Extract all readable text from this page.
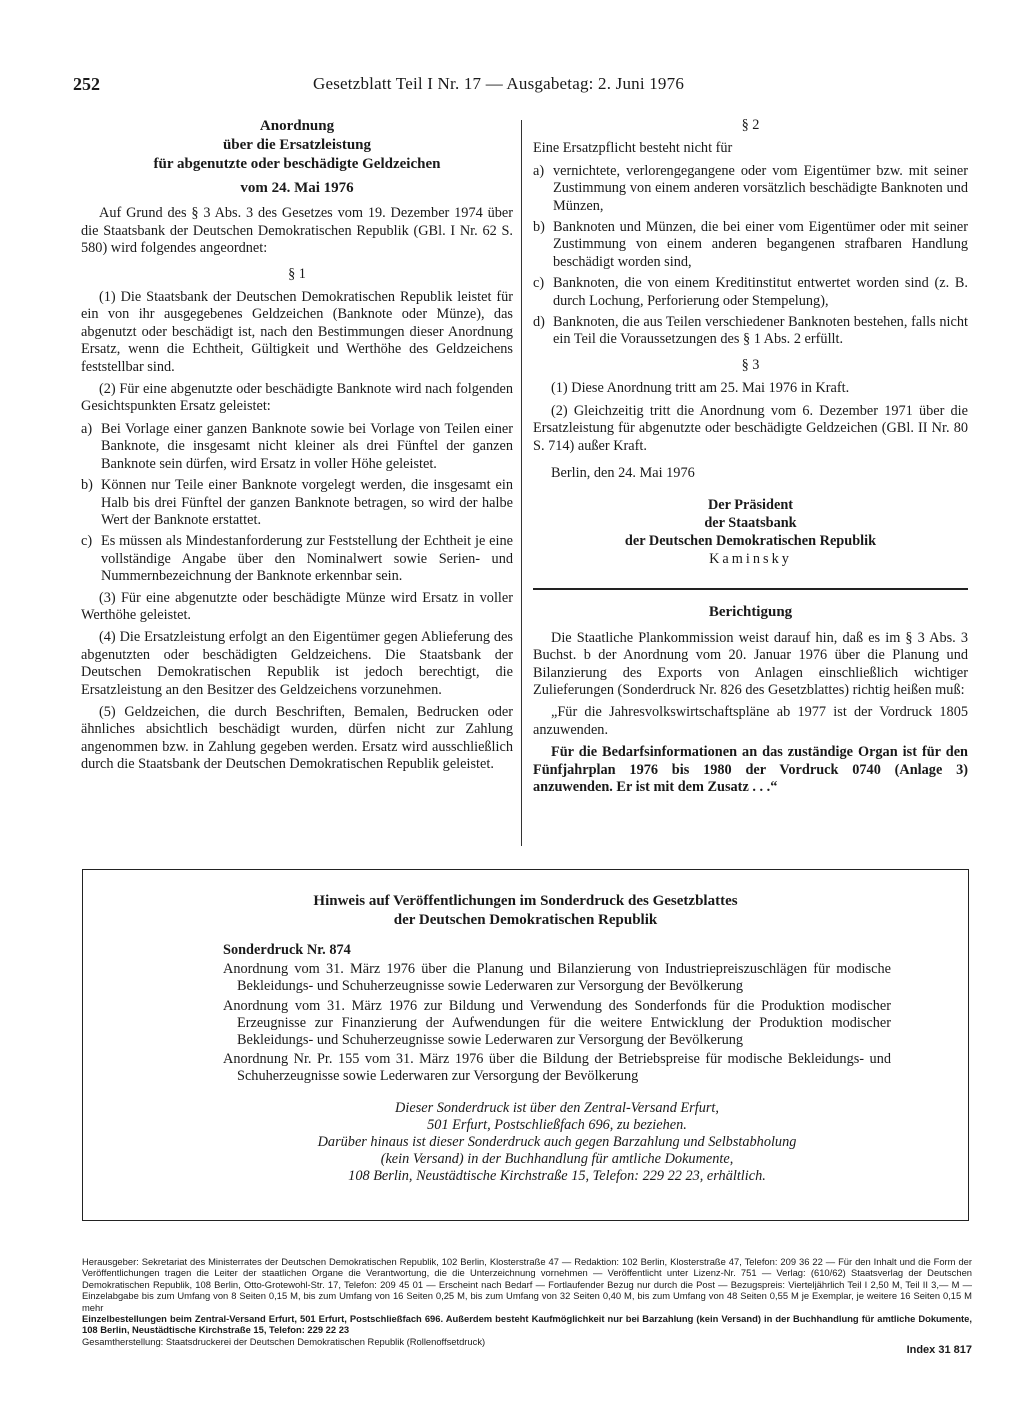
252	Gesetzblatt Teil I Nr. 17 — Ausgabetag: 2. Juni 1976
Anordnung
über die Ersatzleistung
für abgenutzte oder beschädigte Geldzeichen
vom 24. Mai 1976

Auf Grund des § 3 Abs. 3 des Gesetzes vom 19. Dezember 1974 über die Staatsbank der Deutschen Demokratischen Republik (GBl. I Nr. 62 S. 580) wird folgendes angeordnet:

§ 1

(1) Die Staatsbank der Deutschen Demokratischen Republik leistet für ein von ihr ausgegebenes Geldzeichen (Banknote oder Münze), das abgenutzt oder beschädigt ist, nach den Bestimmungen dieser Anordnung Ersatz, wenn die Echtheit, Gültigkeit und Werthöhe des Geldzeichens feststellbar sind.

(2) Für eine abgenutzte oder beschädigte Banknote wird nach folgenden Gesichtspunkten Ersatz geleistet:

a) Bei Vorlage einer ganzen Banknote sowie bei Vorlage von Teilen einer Banknote, die insgesamt nicht kleiner als drei Fünftel der ganzen Banknote sein dürfen, wird Ersatz in voller Höhe geleistet.
b) Können nur Teile einer Banknote vorgelegt werden, die insgesamt ein Halb bis drei Fünftel der ganzen Banknote betragen, so wird der halbe Wert der Banknote erstattet.
c) Es müssen als Mindestanforderung zur Feststellung der Echtheit je eine vollständige Angabe über den Nominalwert sowie Serien- und Nummernbezeichnung der Banknote erkennbar sein.

(3) Für eine abgenutzte oder beschädigte Münze wird Ersatz in voller Werthöhe geleistet.

(4) Die Ersatzleistung erfolgt an den Eigentümer gegen Ablieferung des abgenutzten oder beschädigten Geldzeichens. Die Staatsbank der Deutschen Demokratischen Republik ist jedoch berechtigt, die Ersatzleistung an den Besitzer des Geldzeichens vorzunehmen.

(5) Geldzeichen, die durch Beschriften, Bemalen, Bedrucken oder ähnliches absichtlich beschädigt wurden, dürfen nicht zur Zahlung angenommen bzw. in Zahlung gegeben werden. Ersatz wird ausschließlich durch die Staatsbank der Deutschen Demokratischen Republik geleistet.

§ 2

Eine Ersatzpflicht besteht nicht für

a) vernichtete, verlorengegangene oder vom Eigentümer bzw. mit seiner Zustimmung von einem anderen vorsätzlich beschädigte Banknoten und Münzen,
b) Banknoten und Münzen, die bei einer vom Eigentümer oder mit seiner Zustimmung von einem anderen begangenen strafbaren Handlung beschädigt worden sind,
c) Banknoten, die von einem Kreditinstitut entwertet worden sind (z. B. durch Lochung, Perforierung oder Stempelung),
d) Banknoten, die aus Teilen verschiedener Banknoten bestehen, falls nicht ein Teil die Voraussetzungen des § 1 Abs. 2 erfüllt.
§ 3

(1) Diese Anordnung tritt am 25. Mai 1976 in Kraft.

(2) Gleichzeitig tritt die Anordnung vom 6. Dezember 1971 über die Ersatzleistung für abgenutzte oder beschädigte Geldzeichen (GBl. II Nr. 80 S. 714) außer Kraft.

Berlin, den 24. Mai 1976

Der Präsident
der Staatsbank
der Deutschen Demokratischen Republik
Kaminsky
Berichtigung

Die Staatliche Plankommission weist darauf hin, daß es im § 3 Abs. 3 Buchst. b der Anordnung vom 20. Januar 1976 über die Planung und Bilanzierung des Exports von Anlagen einschließlich wichtiger Zulieferungen (Sonderdruck Nr. 826 des Gesetzblattes) richtig heißen muß:

„Für die Jahresvolkswirtschaftspläne ab 1977 ist der Vordruck 1805 anzuwenden.

Für die Bedarfsinformationen an das zuständige Organ ist für den Fünfjahrplan 1976 bis 1980 der Vordruck 0740 (Anlage 3) anzuwenden. Er ist mit dem Zusatz . . .“

Hinweis auf Veröffentlichungen im Sonderdruck des Gesetzblattes
der Deutschen Demokratischen Republik
Sonderdruck Nr. 874
Anordnung vom 31. März 1976 über die Planung und Bilanzierung von Industriepreiszuschlägen für modische Bekleidungs- und Schuherzeugnisse sowie Lederwaren zur Versorgung der Bevölkerung
Anordnung vom 31. März 1976 zur Bildung und Verwendung des Sonderfonds für die Produktion modischer Erzeugnisse zur Finanzierung der Aufwendungen für die weitere Entwicklung der Produktion modischer Bekleidungs- und Schuherzeugnisse sowie Lederwaren zur Versorgung der Bevölkerung
Anordnung Nr. Pr. 155 vom 31. März 1976 über die Bildung der Betriebspreise für modische Bekleidungs- und Schuherzeugnisse sowie Lederwaren zur Versorgung der Bevölkerung
Dieser Sonderdruck ist über den Zentral-Versand Erfurt,
501 Erfurt, Postschließfach 696, zu beziehen.
Darüber hinaus ist dieser Sonderdruck auch gegen Barzahlung und Selbstabholung
(kein Versand) in der Buchhandlung für amtliche Dokumente,
108 Berlin, Neustädtische Kirchstraße 15, Telefon: 229 22 23, erhältlich.

Herausgeber: Sekretariat des Ministerrates der Deutschen Demokratischen Republik, 102 Berlin, Klosterstraße 47 — Redaktion: 102 Berlin, Klosterstraße 47, Telefon: 209 36 22 — Für den Inhalt und die Form der Veröffentlichungen tragen die Leiter der staatlichen Organe die Verantwortung, die die Unterzeichnung vornehmen — Veröffentlicht unter Lizenz-Nr. 751 — Verlag: (610/62) Staatsverlag der Deutschen Demokratischen Republik, 108 Berlin, Otto-Grotewohl-Str. 17, Telefon: 209 45 01 — Erscheint nach Bedarf — Fortlaufender Bezug nur durch die Post — Bezugspreis: Vierteljährlich Teil I 2,50 M, Teil II 3,— M — Einzelabgabe bis zum Umfang von 8 Seiten 0,15 M, bis zum Umfang von 16 Seiten 0,25 M, bis zum Umfang von 32 Seiten 0,40 M, bis zum Umfang von 48 Seiten 0,55 M je Exemplar, je weitere 16 Seiten 0,15 M mehr

Einzelbestellungen beim Zentral-Versand Erfurt, 501 Erfurt, Postschließfach 696. Außerdem besteht Kaufmöglichkeit nur bei Barzahlung (kein Versand) in der Buchhandlung für amtliche Dokumente, 108 Berlin, Neustädtische Kirchstraße 15, Telefon: 229 22 23

Gesamtherstellung: Staatsdruckerei der Deutschen Demokratischen Republik (Rollenoffsetdruck)

Index 31 817
